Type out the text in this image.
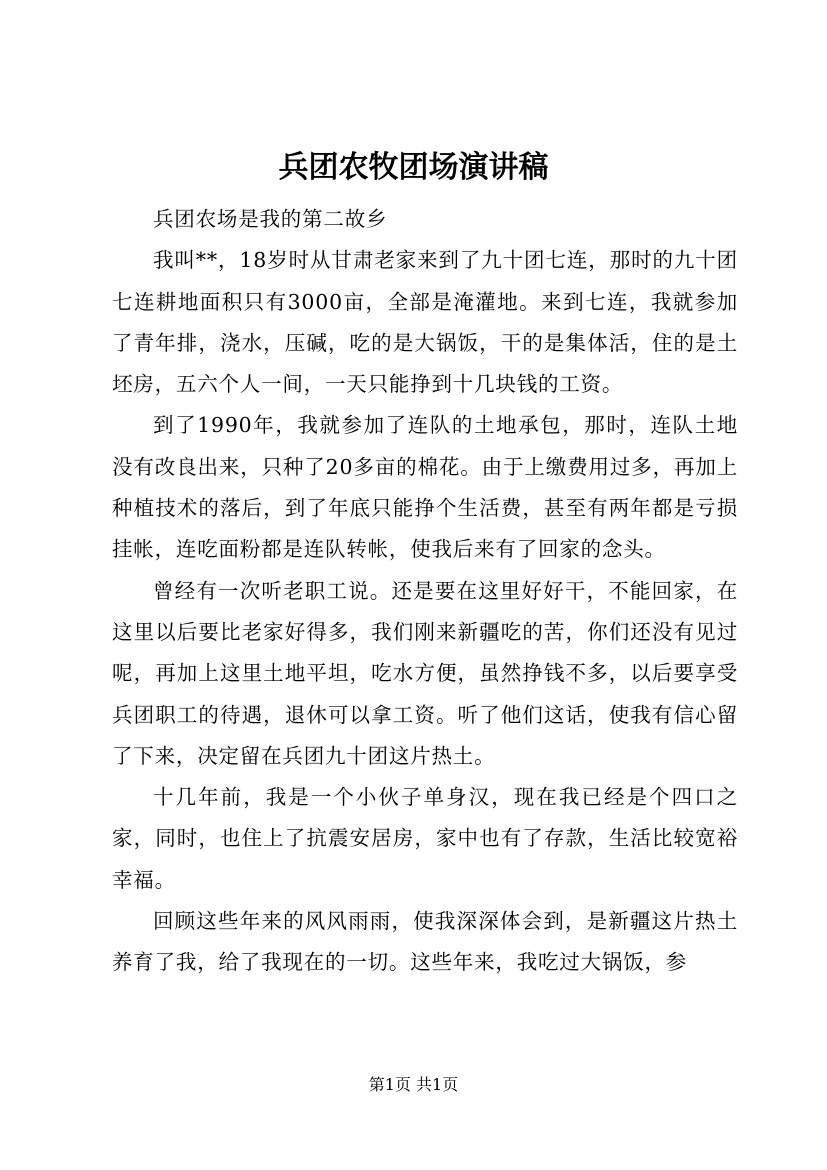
兵团农牧团场演讲稿

兵团农场是我的第二故乡

我叫**，18岁时从甘肃老家来到了九十团七连，那时的九十团七连耕地面积只有3000亩，全部是淹灌地。来到七连，我就参加了青年排，浇水，压碱，吃的是大锅饭，干的是集体活，住的是土坯房，五六个人一间，一天只能挣到十几块钱的工资。

到了1990年，我就参加了连队的土地承包，那时，连队土地没有改良出来，只种了20多亩的棉花。由于上缴费用过多，再加上种植技术的落后，到了年底只能挣个生活费，甚至有两年都是亏损挂帐，连吃面粉都是连队转帐，使我后来有了回家的念头。

曾经有一次听老职工说。还是要在这里好好干，不能回家，在这里以后要比老家好得多，我们刚来新疆吃的苦，你们还没有见过呢，再加上这里土地平坦，吃水方便，虽然挣钱不多，以后要享受兵团职工的待遇，退休可以拿工资。听了他们这话，使我有信心留了下来，决定留在兵团九十团这片热土。

十几年前，我是一个小伙子单身汉，现在我已经是个四口之家，同时，也住上了抗震安居房，家中也有了存款，生活比较宽裕幸福。

回顾这些年来的风风雨雨，使我深深体会到，是新疆这片热土养育了我，给了我现在的一切。这些年来，我吃过大锅饭，参

第1页 共1页
